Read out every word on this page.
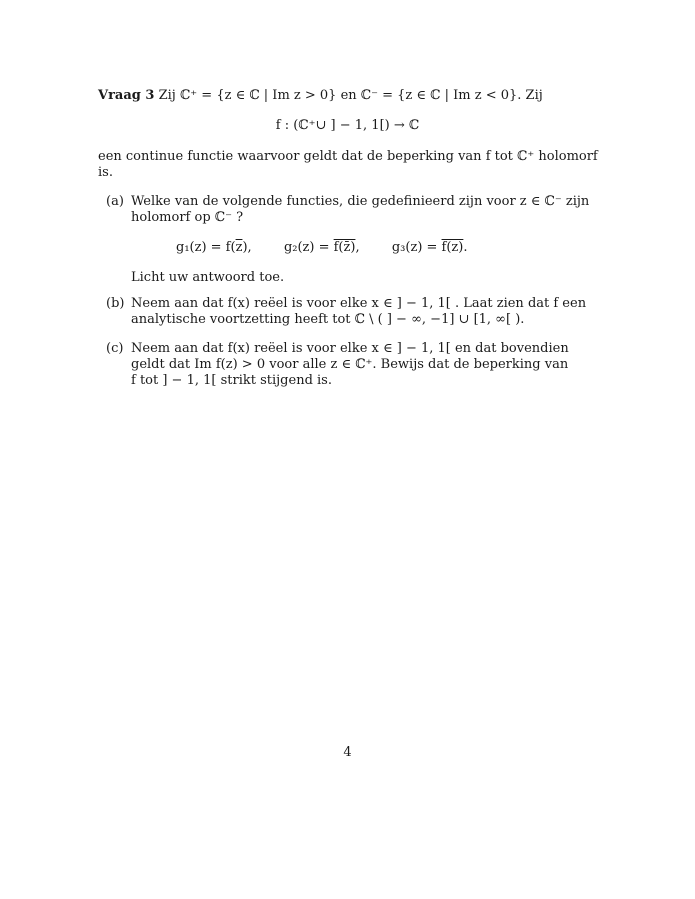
Vraag 3 Zij ℂ⁺ = {z ∈ ℂ | Im z > 0} en ℂ⁻ = {z ∈ ℂ | Im z < 0}. Zij
f : (ℂ⁺∪ ] − 1, 1[) → ℂ
een continue functie waarvoor geldt dat de beperking van f tot ℂ⁺ holomorf
is.
(a) Welke van de volgende functies, die gedefinieerd zijn voor z ∈ ℂ⁻ zijn
holomorf op ℂ⁻ ?
$g_1(z) = f(\overline{z})$, g₂(z) = f(z̄), g₃(z) = f(z).
Licht uw antwoord toe.
(b) Neem aan dat f(x) reëel is voor elke x ∈ ] − 1, 1[ . Laat zien dat f een
analytische voortzetting heeft tot ℂ \ ( ] − ∞, −1] ∪ [1, ∞[ ).
(c) Neem aan dat f(x) reëel is voor elke x ∈ ] − 1, 1[ en dat bovendien
geldt dat Im f(z) > 0 voor alle z ∈ ℂ⁺. Bewijs dat de beperking van
f tot ] − 1, 1[ strikt stijgend is.
4
